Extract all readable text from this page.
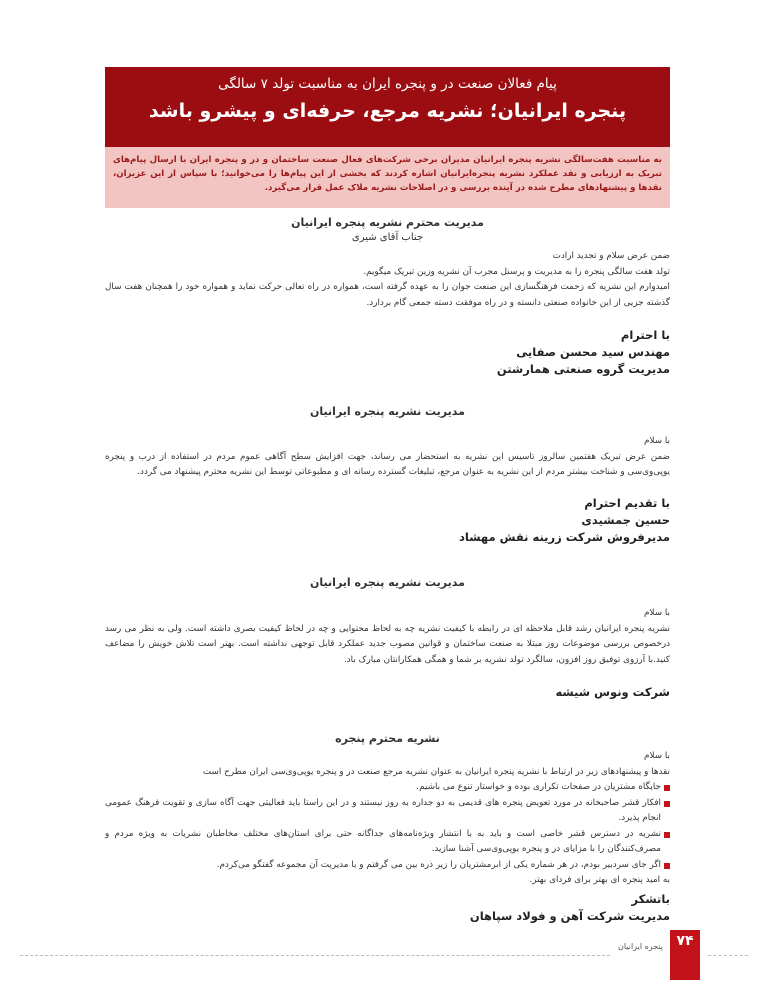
پیام فعالان صنعت در و پنجره ایران به مناسبت تولد ۷ سالگی
پنجره ایرانیان؛ نشریه مرجع، حرفه‌ای و پیشرو باشد
به مناسبت هفت‌سالگی نشریه پنجره ایرانیان مدیران برخی شرکت‌های فعال صنعت ساختمان و در و پنجره ایران با ارسال پیام‌های تبریک به ارزیابی و نقد عملکرد نشریه پنجره‌ایرانیان اشاره کردند که بخشی از این پیام‌ها را می‌خوانید؛ با سپاس از این عزیزان، نقدها و پیشنهادهای مطرح شده در آینده بررسی و در اصلاحات نشریه ملاک عمل قرار می‌گیرد.
مدیریت محترم نشریه پنجره ایرانیان
جناب آقای شیری
ضمن عرض سلام و تجدید ارادت
تولد هفت سالگی پنجره را به مدیریت و پرسنل مجرب آن نشریه وزین تبریک میگویم.
امیدوارم این نشریه که زحمت فرهنگسازی این صنعت جوان را به عهده گرفته است، همواره در راه تعالی حرکت نماید و همواره خود را همچنان هفت سال گذشته جزیی از این خانواده صنعتی دانسته و در راه موفقت دسته جمعی گام بردارد.
با احترام
مهندس سید محسن صفایی
مدیریت گروه صنعتی همارشتن
مدیریت نشریه پنجره ایرانیان
با سلام
ضمن عرض تبریک هفتمین سالروز تاسیس این نشریه به استحضار می رساند، جهت افزایش سطح آگاهی عموم مردم در استفاده از درب و پنجره یوپی‌وی‌سی و شناخت بیشتر مردم از این نشریه به عنوان مرجع، تبلیغات گسترده رسانه ای و مطبوعاتی توسط این نشریه محترم پیشنهاد می گردد.
با تقدیم احترام
حسین جمشیدی
مدیرفروش شرکت زرینه نقش مهشاد
مدیریت نشریه پنجره ایرانیان
با سلام
نشریه پنجره ایرانیان رشد قابل ملاحظه ای در رابطه با کیفیت نشریه چه به لحاظ محتوایی و چه در لحاظ کیفیت بصری داشته است. ولی به نظر می رسد درخصوص بررسی موضوعات روز مبتلا به صنعت ساختمان و قوانین مصوب جدید عملکرد قابل توجهی نداشته است. بهتر است تلاش خویش را مضاعف کنید.با آرزوی توفیق روز افزون، سالگرد تولد نشریه بر شما و همگی همکارانتان مبارک باد.
شرکت ونوس شیشه
نشریه محترم پنجره
با سلام
نقدها و پیشنهادهای زیر در ارتباط با نشریه پنجره ایرانیان به عنوان نشریه مرجع صنعت در و پنجره یوپی‌وی‌سی ایران مطرح است
جایگاه مشتریان در صفحات تکراری بوده و خواستار تنوع می باشیم.
افکار قشر صاحبخانه در مورد تعویض پنجره های قدیمی به دو جداره به روز نیستند و در این راستا باید فعالیتی جهت آگاه سازی و تقویت فرهنگ عمومی انجام پذیرد.
نشریه در دسترس قشر خاصی است و باید به با انتشار ویژه‌نامه‌های جداگانه حتی برای استان‌های مختلف مخاطبان نشریات به ویژه مردم و مصرف‌کنندگان را با مزایای در و پنجره یوپی‌وی‌سی آشنا سازید.
اگر جای سردبیر بودم، در هر شماره یکی از ابرمشتریان را زیر ذره بین می گرفتم و با مدیریت آن مجموعه گفتگو می‌کردم.
به امید پنجره ای بهتر برای فردای بهتر.
باتشکر
مدیریت شرکت آهن و فولاد سپاهان
پنجره ایرانیان ۷۴
